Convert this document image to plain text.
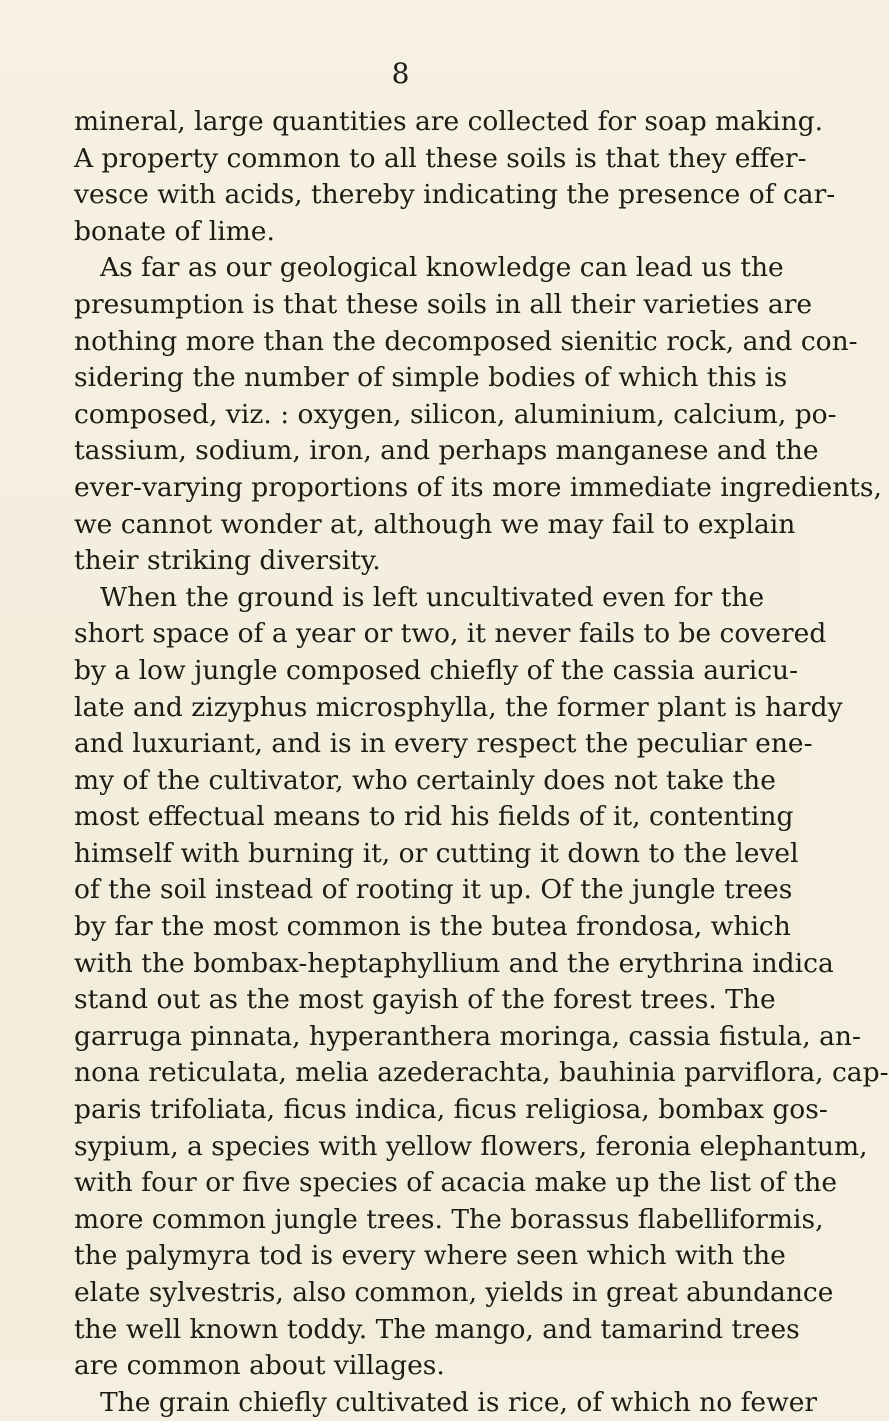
8
mineral, large quantities are collected for soap making.
A property common to all these soils is that they effer-
vesce with acids, thereby indicating the presence of car-
bonate of lime.
As far as our geological knowledge can lead us the
presumption is that these soils in all their varieties are
nothing more than the decomposed sienitic rock, and con-
sidering the number of simple bodies of which this is
composed, viz. : oxygen, silicon, aluminium, calcium, po-
tassium, sodium, iron, and perhaps manganese and the
ever-varying proportions of its more immediate ingredients,
we cannot wonder at, although we may fail to explain
their striking diversity.
When the ground is left uncultivated even for the
short space of a year or two, it never fails to be covered
by a low jungle composed chiefly of the cassia auricu-
late and zizyphus microsphylla, the former plant is hardy
and luxuriant, and is in every respect the peculiar ene-
my of the cultivator, who certainly does not take the
most effectual means to rid his fields of it, contenting
himself with burning it, or cutting it down to the level
of the soil instead of rooting it up. Of the jungle trees
by far the most common is the butea frondosa, which
with the bombax-heptaphyllium and the erythrina indica
stand out as the most gayish of the forest trees. The
garruga pinnata, hyperanthera moringa, cassia fistula, an-
nona reticulata, melia azederachta, bauhinia parviflora, cap-
paris trifoliata, ficus indica, ficus religiosa, bombax gos-
sypium, a species with yellow flowers, feronia elephantum,
with four or five species of acacia make up the list of the
more common jungle trees. The borassus flabelliformis,
the palymyra tod is every where seen which with the
elate sylvestris, also common, yields in great abundance
the well known toddy. The mango, and tamarind trees
are common about villages.
The grain chiefly cultivated is rice, of which no fewer
